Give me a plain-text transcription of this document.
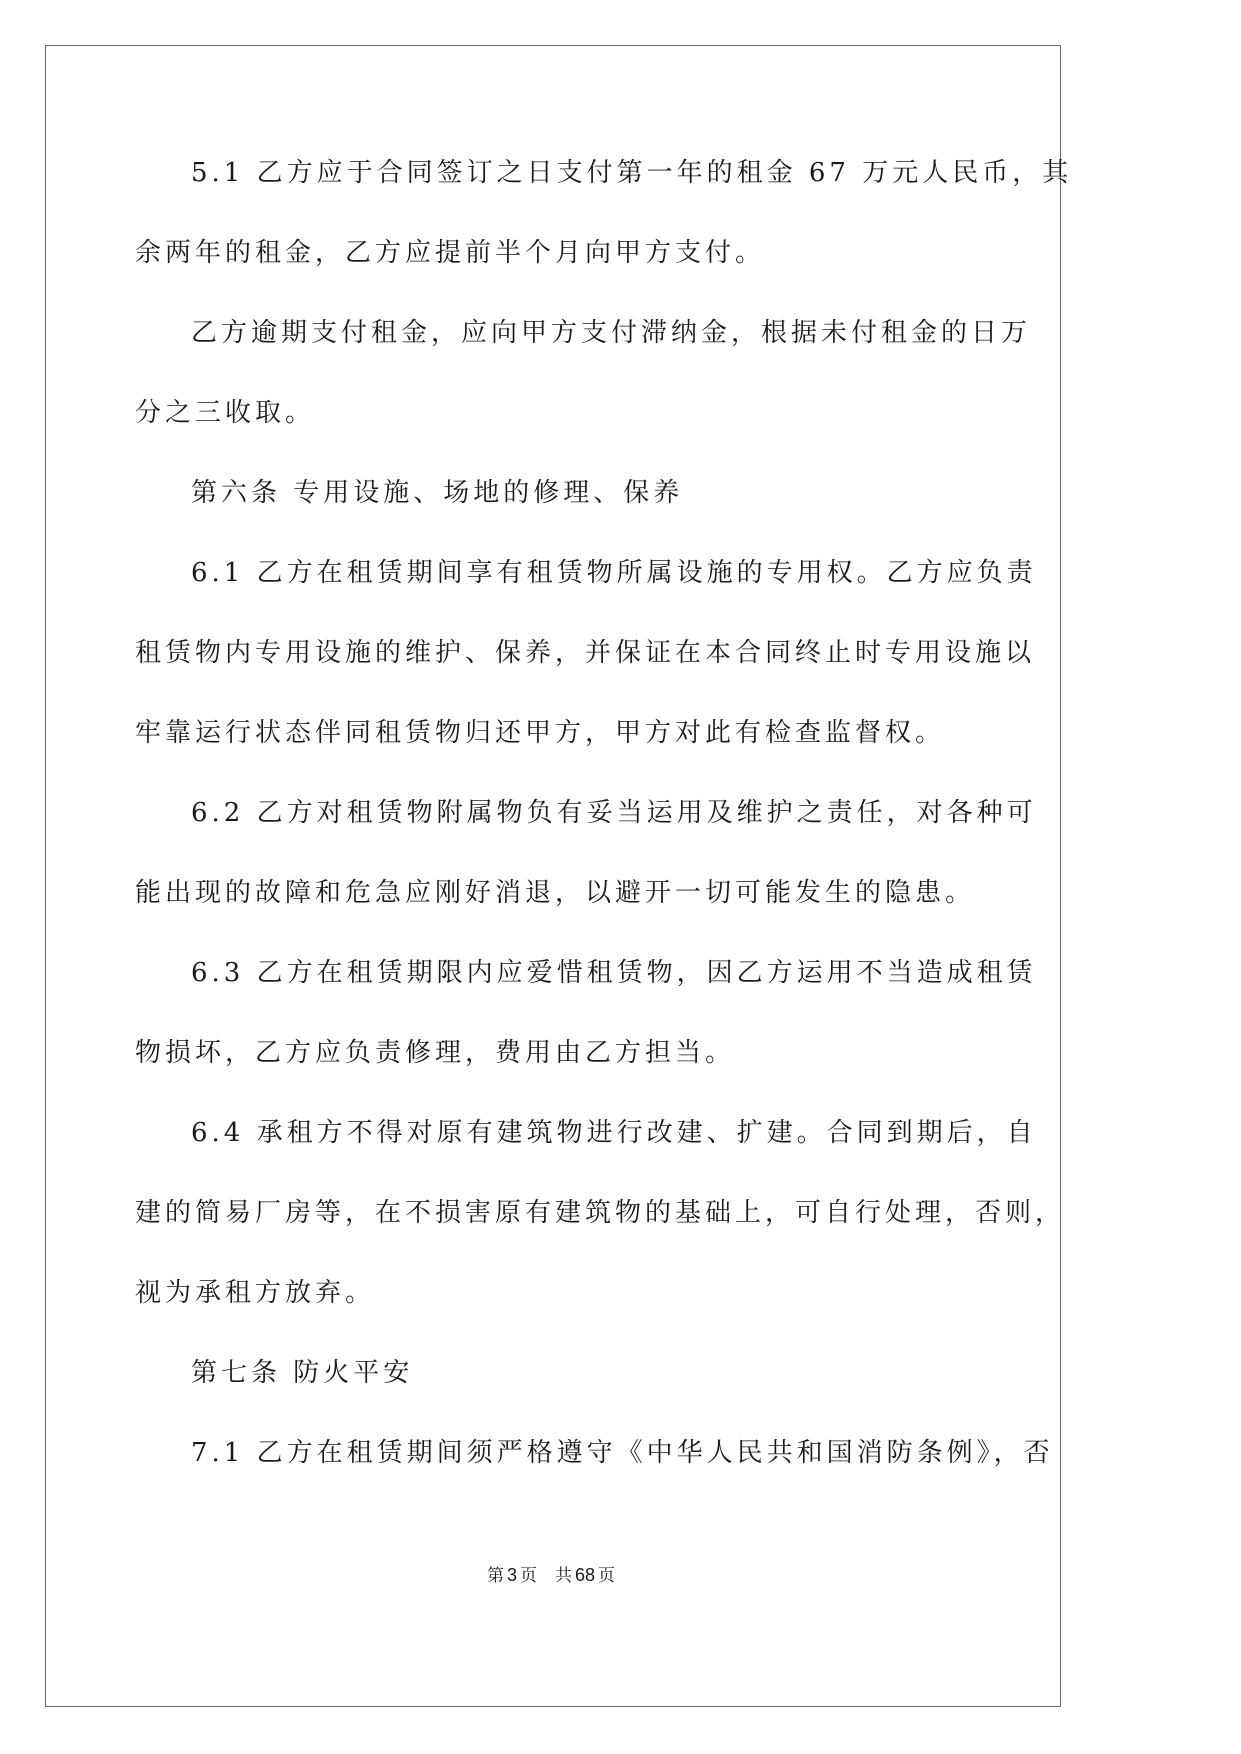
5.1 乙方应于合同签订之日支付第一年的租金 67 万元人民币，其
余两年的租金，乙方应提前半个月向甲方支付。
乙方逾期支付租金，应向甲方支付滞纳金，根据未付租金的日万
分之三收取。
第六条 专用设施、场地的修理、保养
6.1 乙方在租赁期间享有租赁物所属设施的专用权。乙方应负责
租赁物内专用设施的维护、保养，并保证在本合同终止时专用设施以
牢靠运行状态伴同租赁物归还甲方，甲方对此有检查监督权。
6.2 乙方对租赁物附属物负有妥当运用及维护之责任，对各种可
能出现的故障和危急应刚好消退，以避开一切可能发生的隐患。
6.3 乙方在租赁期限内应爱惜租赁物，因乙方运用不当造成租赁
物损坏，乙方应负责修理，费用由乙方担当。
6.4 承租方不得对原有建筑物进行改建、扩建。合同到期后，自
建的简易厂房等，在不损害原有建筑物的基础上，可自行处理，否则，
视为承租方放弃。
第七条 防火平安
7.1 乙方在租赁期间须严格遵守《中华人民共和国消防条例》，否
第 3 页 共 68 页
